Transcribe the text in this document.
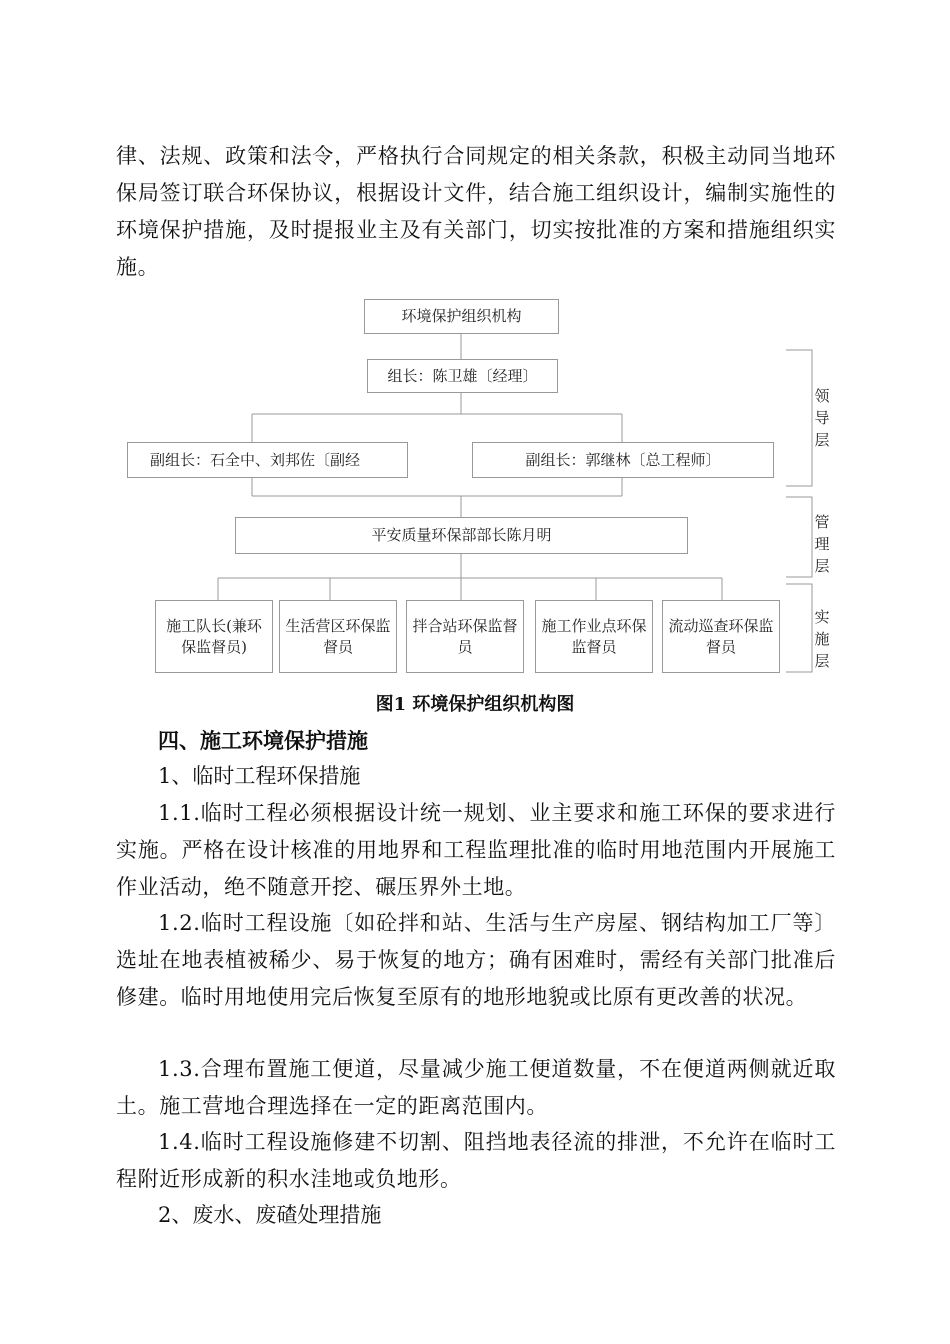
律、法规、政策和法令，严格执行合同规定的相关条款，积极主动同当地环保局签订联合环保协议，根据设计文件，结合施工组织设计，编制实施性的环境保护措施，及时提报业主及有关部门，切实按批准的方案和措施组织实施。

环境保护组织机构
组长：陈卫雄〔经理〕
副组长：石全中、刘邦佐〔副经	副组长：郭继林〔总工程师〕
平安质量环保部部长陈月明
施工队长(兼环保监督员)
生活营区环保监督员
拌合站环保监督员
施工作业点环保监督员
流动巡查环保监督员
领导层
管理层
实施层

图1 环境保护组织机构图

四、施工环境保护措施

1、临时工程环保措施

1.1.临时工程必须根据设计统一规划、业主要求和施工环保的要求进行实施。严格在设计核准的用地界和工程监理批准的临时用地范围内开展施工作业活动，绝不随意开挖、碾压界外土地。

1.2.临时工程设施〔如砼拌和站、生活与生产房屋、钢结构加工厂等〕选址在地表植被稀少、易于恢复的地方；确有困难时，需经有关部门批准后修建。临时用地使用完后恢复至原有的地形地貌或比原有更改善的状况。

1.3.合理布置施工便道，尽量减少施工便道数量，不在便道两侧就近取土。施工营地合理选择在一定的距离范围内。

1.4.临时工程设施修建不切割、阻挡地表径流的排泄，不允许在临时工程附近形成新的积水洼地或负地形。

2、废水、废碴处理措施
